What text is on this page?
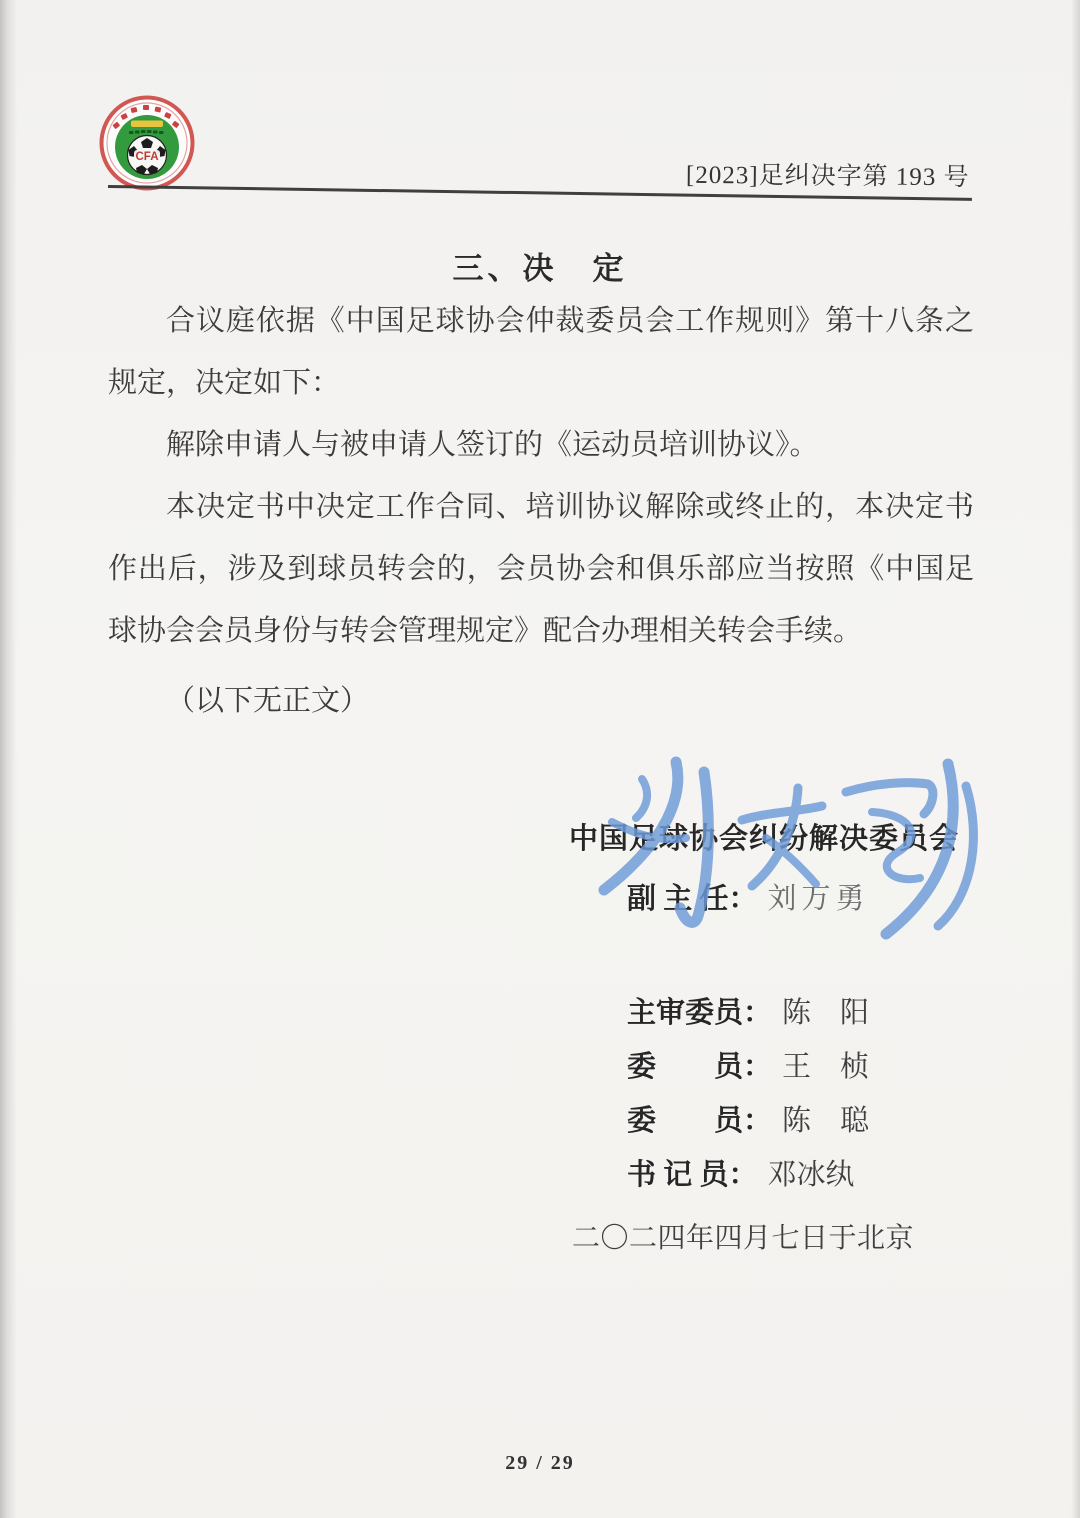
CFA
[2023]足纠决字第 193 号
三、决　定

合议庭依据《中国足球协会仲裁委员会工作规则》第十八条之规定，决定如下：

解除申请人与被申请人签订的《运动员培训协议》。

本决定书中决定工作合同、培训协议解除或终止的，本决定书作出后，涉及到球员转会的，会员协会和俱乐部应当按照《中国足球协会会员身份与转会管理规定》配合办理相关转会手续。

（以下无正文）

中国足球协会纠纷解决委员会
副 主 任： 刘万勇
主审委员： 陈　阳
委　　员： 王　桢
委　　员： 陈　聪
书 记 员： 邓冰纨
二〇二四年四月七日于北京
29 / 29
